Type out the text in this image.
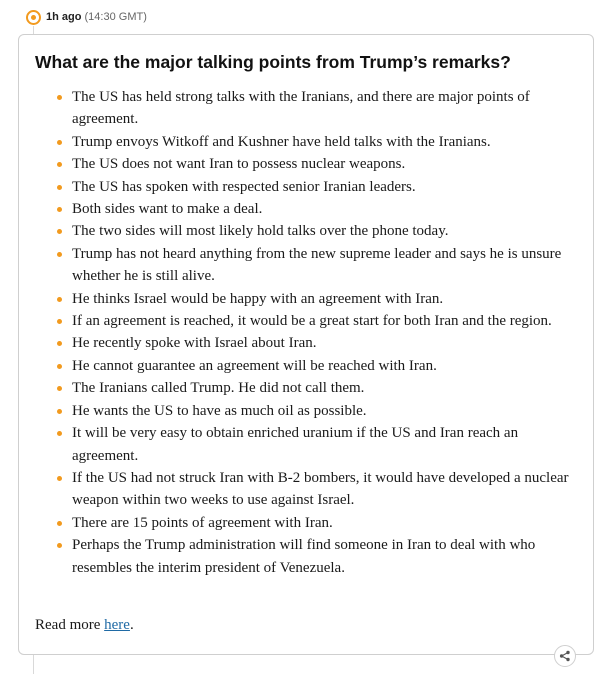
1h ago (14:30 GMT)
What are the major talking points from Trump’s remarks?
The US has held strong talks with the Iranians, and there are major points of agreement.
Trump envoys Witkoff and Kushner have held talks with the Iranians.
The US does not want Iran to possess nuclear weapons.
The US has spoken with respected senior Iranian leaders.
Both sides want to make a deal.
The two sides will most likely hold talks over the phone today.
Trump has not heard anything from the new supreme leader and says he is unsure whether he is still alive.
He thinks Israel would be happy with an agreement with Iran.
If an agreement is reached, it would be a great start for both Iran and the region.
He recently spoke with Israel about Iran.
He cannot guarantee an agreement will be reached with Iran.
The Iranians called Trump. He did not call them.
He wants the US to have as much oil as possible.
It will be very easy to obtain enriched uranium if the US and Iran reach an agreement.
If the US had not struck Iran with B-2 bombers, it would have developed a nuclear weapon within two weeks to use against Israel.
There are 15 points of agreement with Iran.
Perhaps the Trump administration will find someone in Iran to deal with who resembles the interim president of Venezuela.
Read more here.
